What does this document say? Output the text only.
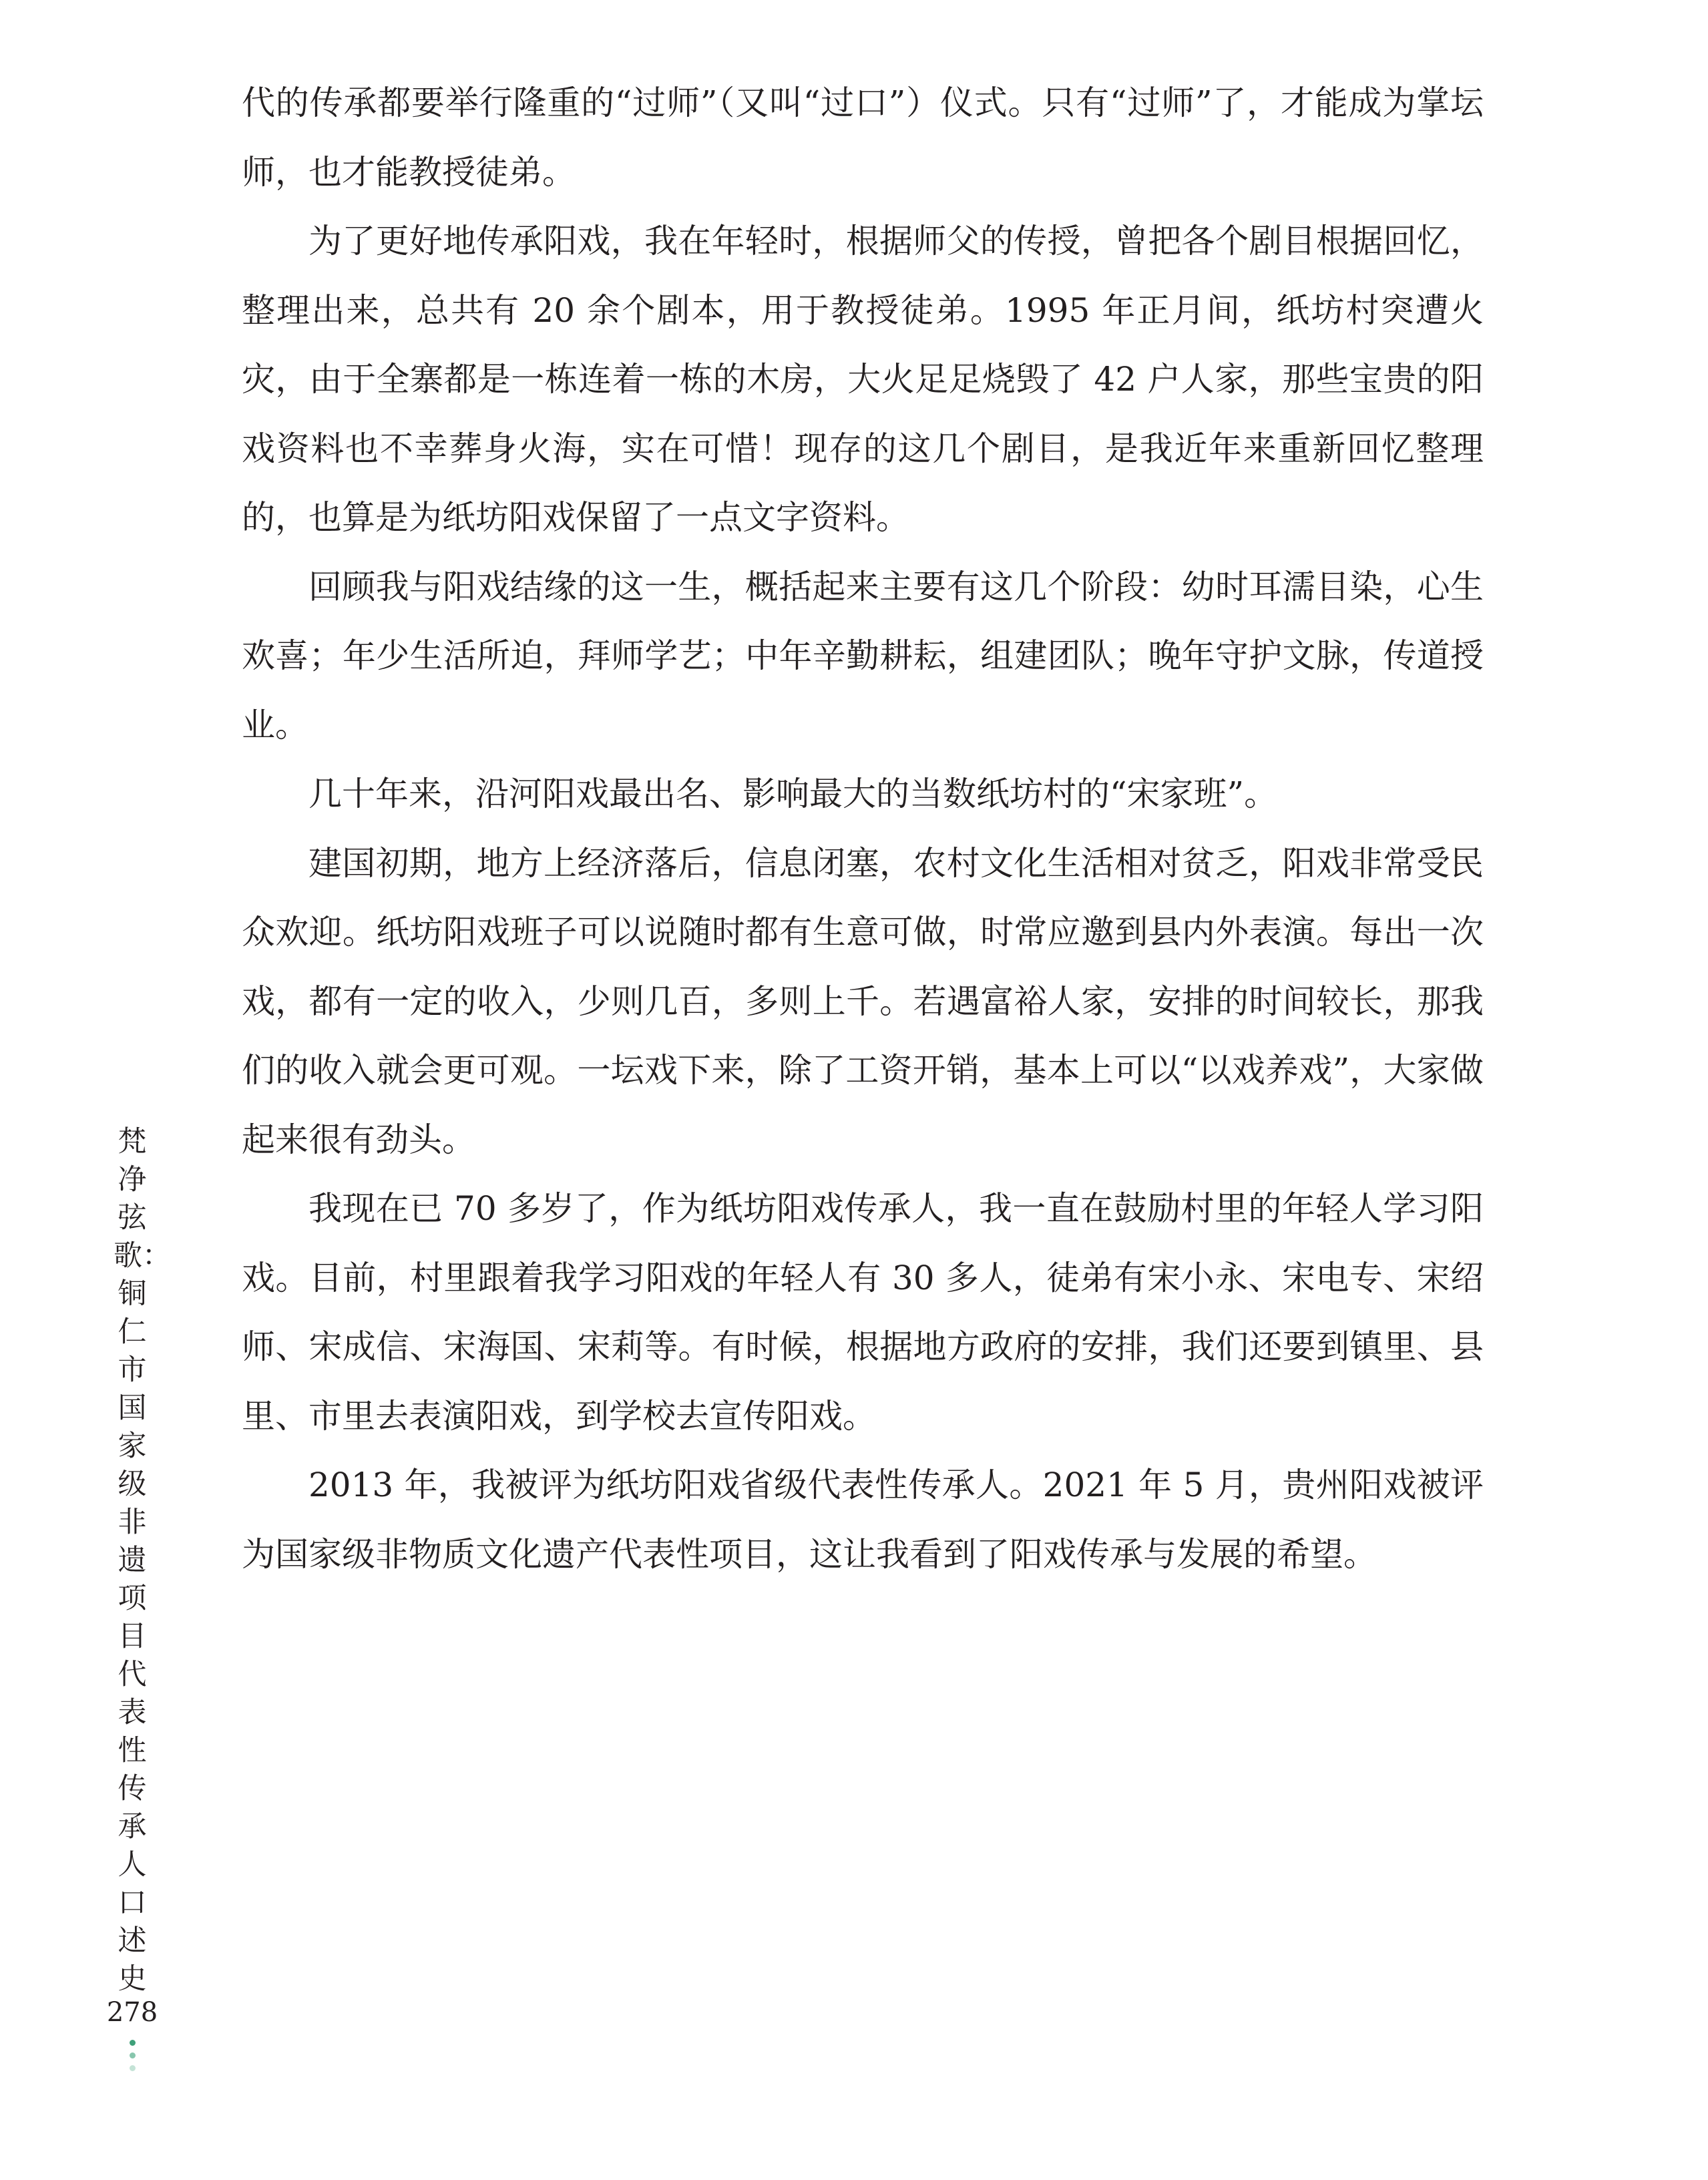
代的传承都要举行隆重的“过师”（又叫“过口”）仪式。只有“过师”了，才能成为掌坛师，也才能教授徒弟。

为了更好地传承阳戏，我在年轻时，根据师父的传授，曾把各个剧目根据回忆，整理出来，总共有 20 余个剧本，用于教授徒弟。1995 年正月间，纸坊村突遭火灾，由于全寨都是一栋连着一栋的木房，大火足足烧毁了 42 户人家，那些宝贵的阳戏资料也不幸葬身火海，实在可惜！现存的这几个剧目，是我近年来重新回忆整理的，也算是为纸坊阳戏保留了一点文字资料。

回顾我与阳戏结缘的这一生，概括起来主要有这几个阶段：幼时耳濡目染，心生欢喜；年少生活所迫，拜师学艺；中年辛勤耕耘，组建团队；晚年守护文脉，传道授业。

几十年来，沿河阳戏最出名、影响最大的当数纸坊村的“宋家班”。

建国初期，地方上经济落后，信息闭塞，农村文化生活相对贫乏，阳戏非常受民众欢迎。纸坊阳戏班子可以说随时都有生意可做，时常应邀到县内外表演。每出一次戏，都有一定的收入，少则几百，多则上千。若遇富裕人家，安排的时间较长，那我们的收入就会更可观。一坛戏下来，除了工资开销，基本上可以“以戏养戏”，大家做起来很有劲头。

我现在已 70 多岁了，作为纸坊阳戏传承人，我一直在鼓励村里的年轻人学习阳戏。目前，村里跟着我学习阳戏的年轻人有 30 多人，徒弟有宋小永、宋电专、宋绍师、宋成信、宋海国、宋莉等。有时候，根据地方政府的安排，我们还要到镇里、县里、市里去表演阳戏，到学校去宣传阳戏。

2013 年，我被评为纸坊阳戏省级代表性传承人。2021 年 5 月，贵州阳戏被评为国家级非物质文化遗产代表性项目，这让我看到了阳戏传承与发展的希望。

梵净弦歌：铜仁市国家级非遗项目代表性传承人口述史
278
